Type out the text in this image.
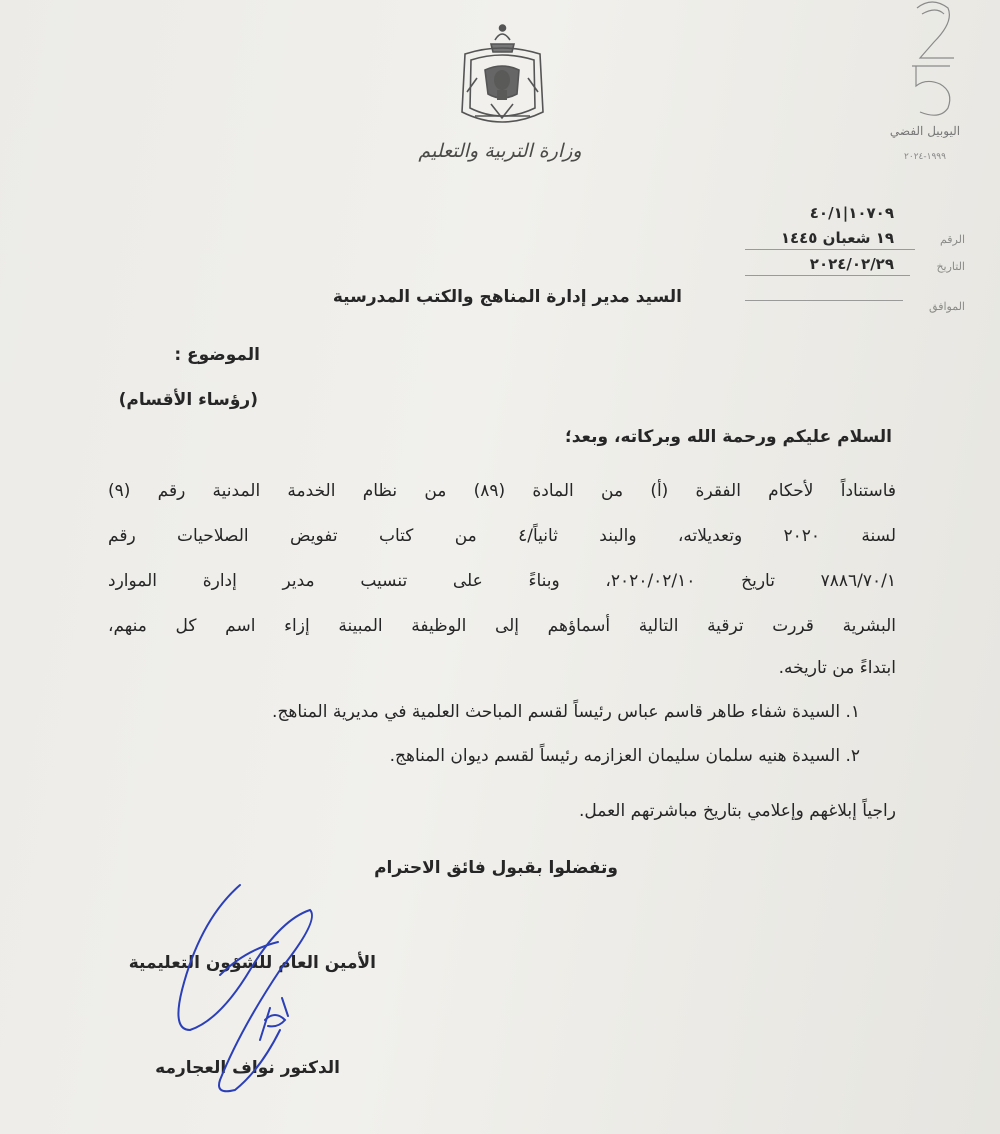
وزارة التربية والتعليم
اليوبيل الفضي
١٩٩٩-٢٠٢٤
١٠٧٠٩|٤٠/١
الرقم
١٩ شعبان ١٤٤٥
التاريخ
٢٠٢٤/٠٢/٢٩
الموافق
السيد مدير إدارة المناهج والكتب المدرسية
الموضوع :
(رؤساء الأقسام)
السلام عليكم ورحمة الله وبركاته، وبعد؛
فاستناداً لأحكام الفقرة (أ) من المادة (٨٩) من نظام الخدمة المدنية رقم (٩)
لسنة ٢٠٢٠ وتعديلاته، والبند ثانياً/٤ من كتاب تفويض الصلاحيات رقم
٧٨٨٦/٧٠/١ تاريخ ٢٠٢٠/٠٢/١٠، وبناءً على تنسيب مدير إدارة الموارد
البشرية قررت ترقية التالية أسماؤهم إلى الوظيفة المبينة إزاء اسم كل منهم،
ابتداءً من تاريخه.
١. السيدة شفاء طاهر قاسم عباس رئيساً لقسم المباحث العلمية في مديرية المناهج.
٢. السيدة هنيه سلمان سليمان العزازمه رئيساً لقسم ديوان المناهج.
راجياً إبلاغهم وإعلامي بتاريخ مباشرتهم العمل.
وتفضلوا بقبول فائق الاحترام
الأمين العام للشؤون التعليمية
الدكتور نواف العجارمه
